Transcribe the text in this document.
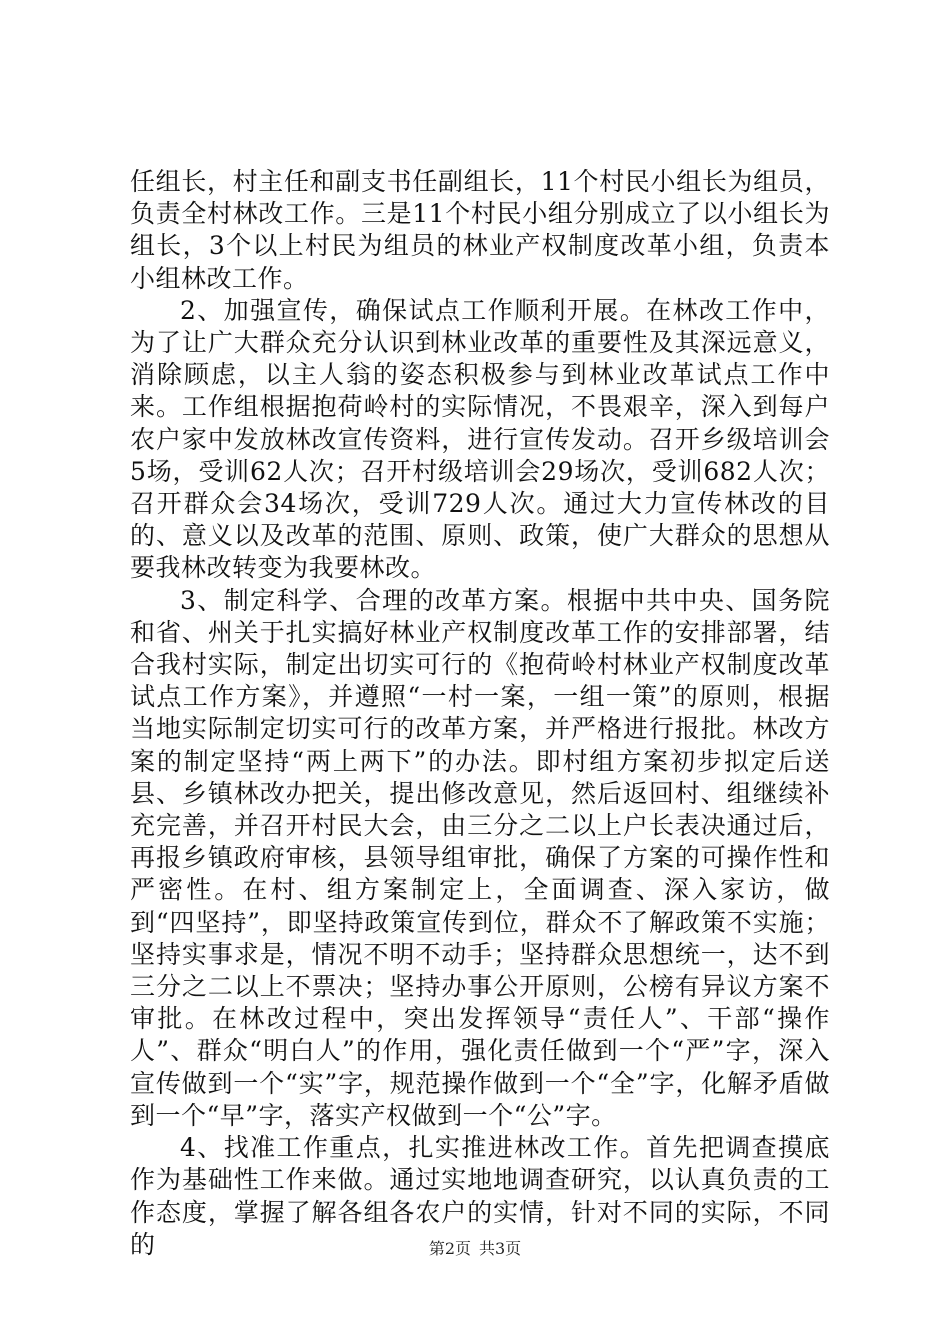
任组长，村主任和副支书任副组长，11个村民小组长为组员，负责全村林改工作。三是11个村民小组分别成立了以小组长为组长，3个以上村民为组员的林业产权制度改革小组，负责本小组林改工作。

2、加强宣传，确保试点工作顺利开展。在林改工作中，为了让广大群众充分认识到林业改革的重要性及其深远意义，消除顾虑，以主人翁的姿态积极参与到林业改革试点工作中来。工作组根据抱荷岭村的实际情况，不畏艰辛，深入到每户农户家中发放林改宣传资料，进行宣传发动。召开乡级培训会5场，受训62人次；召开村级培训会29场次，受训682人次；召开群众会34场次，受训729人次。通过大力宣传林改的目的、意义以及改革的范围、原则、政策，使广大群众的思想从要我林改转变为我要林改。

3、制定科学、合理的改革方案。根据中共中央、国务院和省、州关于扎实搞好林业产权制度改革工作的安排部署，结合我村实际，制定出切实可行的《抱荷岭村林业产权制度改革试点工作方案》，并遵照“一村一案，一组一策”的原则，根据当地实际制定切实可行的改革方案，并严格进行报批。林改方案的制定坚持“两上两下”的办法。即村组方案初步拟定后送县、乡镇林改办把关，提出修改意见，然后返回村、组继续补充完善，并召开村民大会，由三分之二以上户长表决通过后，再报乡镇政府审核，县领导组审批，确保了方案的可操作性和严密性。在村、组方案制定上，全面调查、深入家访，做到“四坚持”，即坚持政策宣传到位，群众不了解政策不实施；坚持实事求是，情况不明不动手；坚持群众思想统一，达不到三分之二以上不票决；坚持办事公开原则，公榜有异议方案不审批。在林改过程中，突出发挥领导“责任人”、干部“操作人”、群众“明白人”的作用，强化责任做到一个“严”字，深入宣传做到一个“实”字，规范操作做到一个“全”字，化解矛盾做到一个“早”字，落实产权做到一个“公”字。

4、找准工作重点，扎实推进林改工作。首先把调查摸底作为基础性工作来做。通过实地地调查研究，以认真负责的工作态度，掌握了解各组各农户的实情，针对不同的实际，不同的	第2页 共3页
